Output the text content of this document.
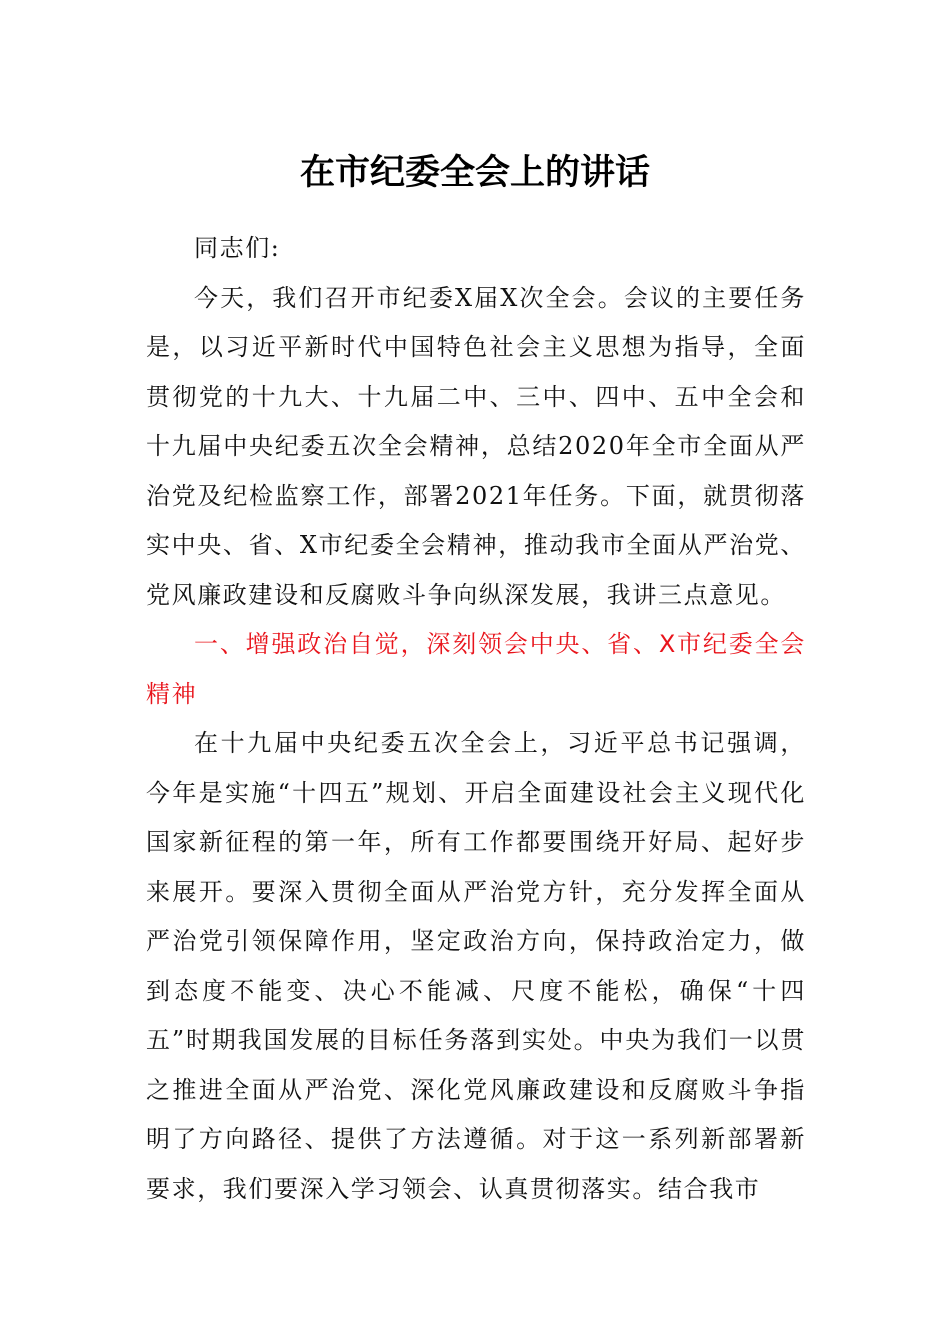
在市纪委全会上的讲话

同志们:

今天，我们召开市纪委X届X次全会。会议的主要任务是，以习近平新时代中国特色社会主义思想为指导，全面贯彻党的十九大、十九届二中、三中、四中、五中全会和十九届中央纪委五次全会精神，总结2020年全市全面从严治党及纪检监察工作，部署2021年任务。下面，就贯彻落实中央、省、X市纪委全会精神，推动我市全面从严治党、党风廉政建设和反腐败斗争向纵深发展，我讲三点意见。

一、增强政治自觉，深刻领会中央、省、X市纪委全会精神

在十九届中央纪委五次全会上，习近平总书记强调，今年是实施“十四五”规划、开启全面建设社会主义现代化国家新征程的第一年，所有工作都要围绕开好局、起好步来展开。要深入贯彻全面从严治党方针，充分发挥全面从严治党引领保障作用，坚定政治方向，保持政治定力，做到态度不能变、决心不能减、尺度不能松，确保“十四五”时期我国发展的目标任务落到实处。中央为我们一以贯之推进全面从严治党、深化党风廉政建设和反腐败斗争指明了方向路径、提供了方法遵循。对于这一系列新部署新要求，我们要深入学习领会、认真贯彻落实。结合我市
